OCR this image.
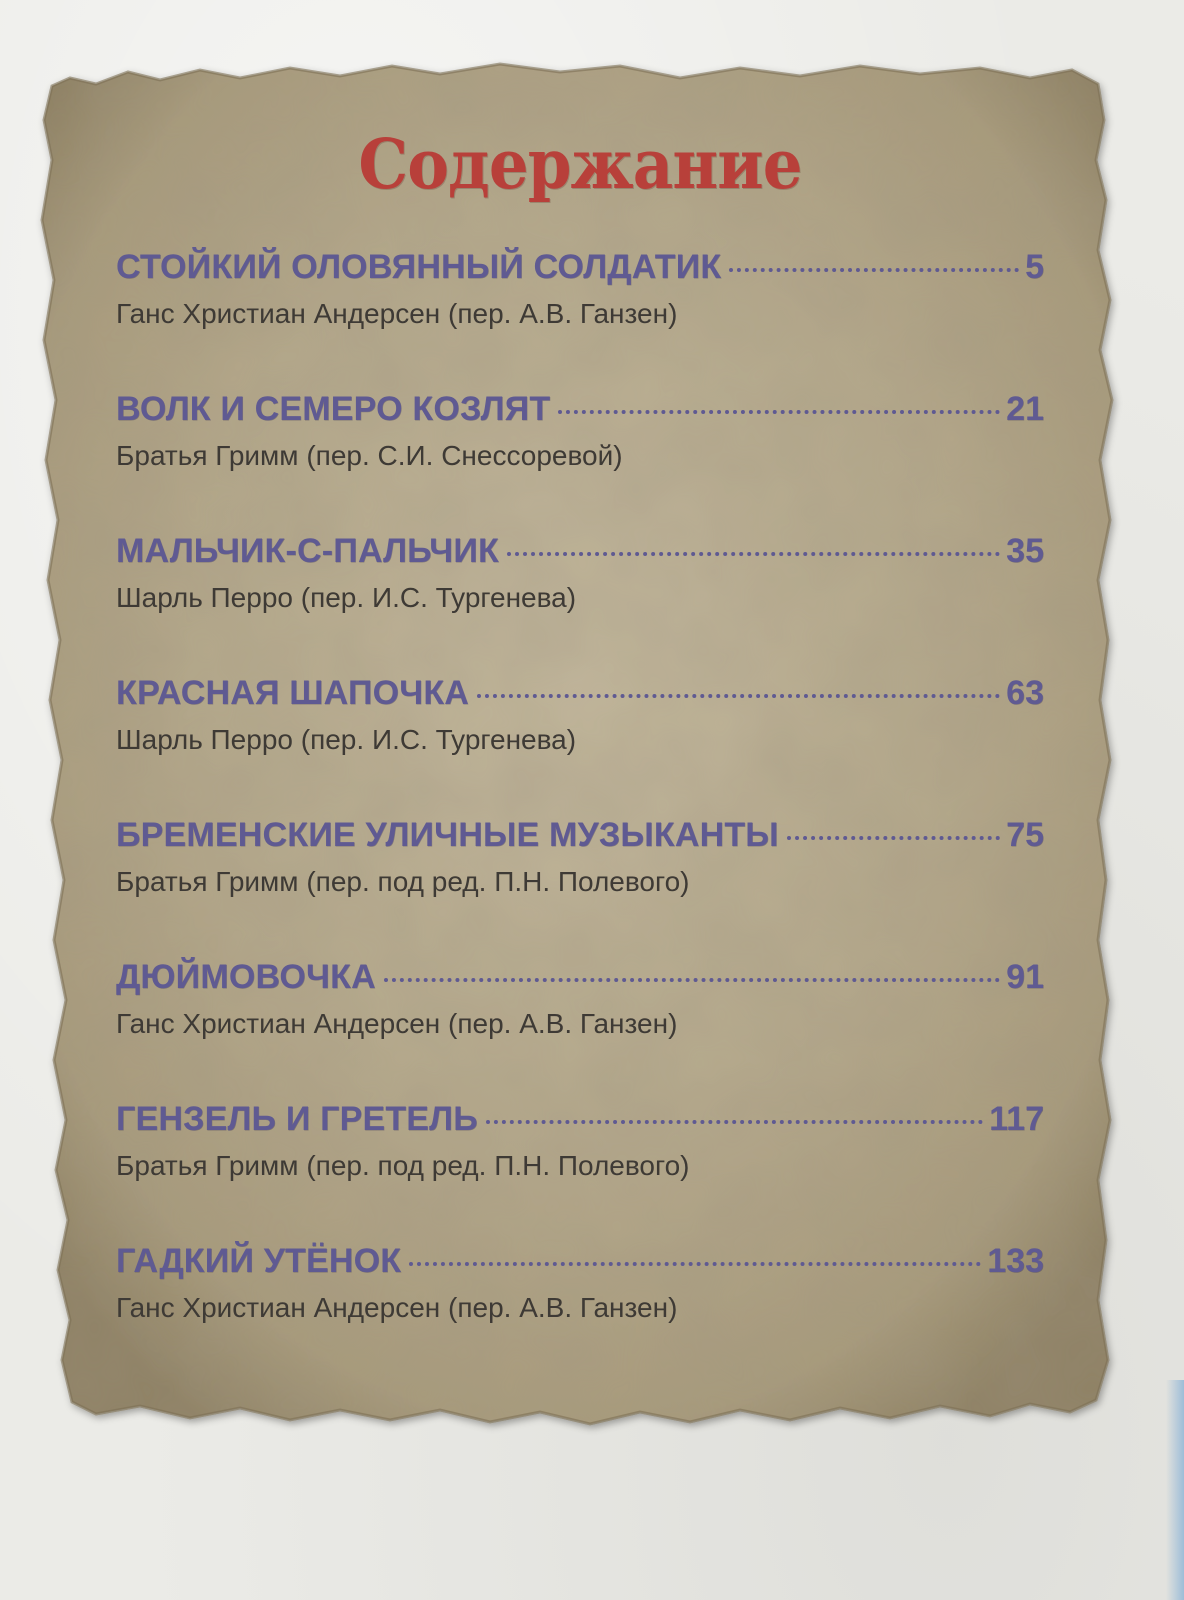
Содержание
СТОЙКИЙ ОЛОВЯННЫЙ СОЛДАТИК	5
Ганс Христиан Андерсен (пер. А.В. Ганзен)
ВОЛК И СЕМЕРО КОЗЛЯТ	21
Братья Гримм (пер. С.И. Снессоревой)
МАЛЬЧИК-С-ПАЛЬЧИК	35
Шарль Перро (пер. И.С. Тургенева)
КРАСНАЯ ШАПОЧКА	63
Шарль Перро (пер. И.С. Тургенева)
БРЕМЕНСКИЕ УЛИЧНЫЕ МУЗЫКАНТЫ	75
Братья Гримм (пер. под ред. П.Н. Полевого)
ДЮЙМОВОЧКА	91
Ганс Христиан Андерсен (пер. А.В. Ганзен)
ГЕНЗЕЛЬ И ГРЕТЕЛЬ	117
Братья Гримм (пер. под ред. П.Н. Полевого)
ГАДКИЙ УТЁНОК	133
Ганс Христиан Андерсен (пер. А.В. Ганзен)
